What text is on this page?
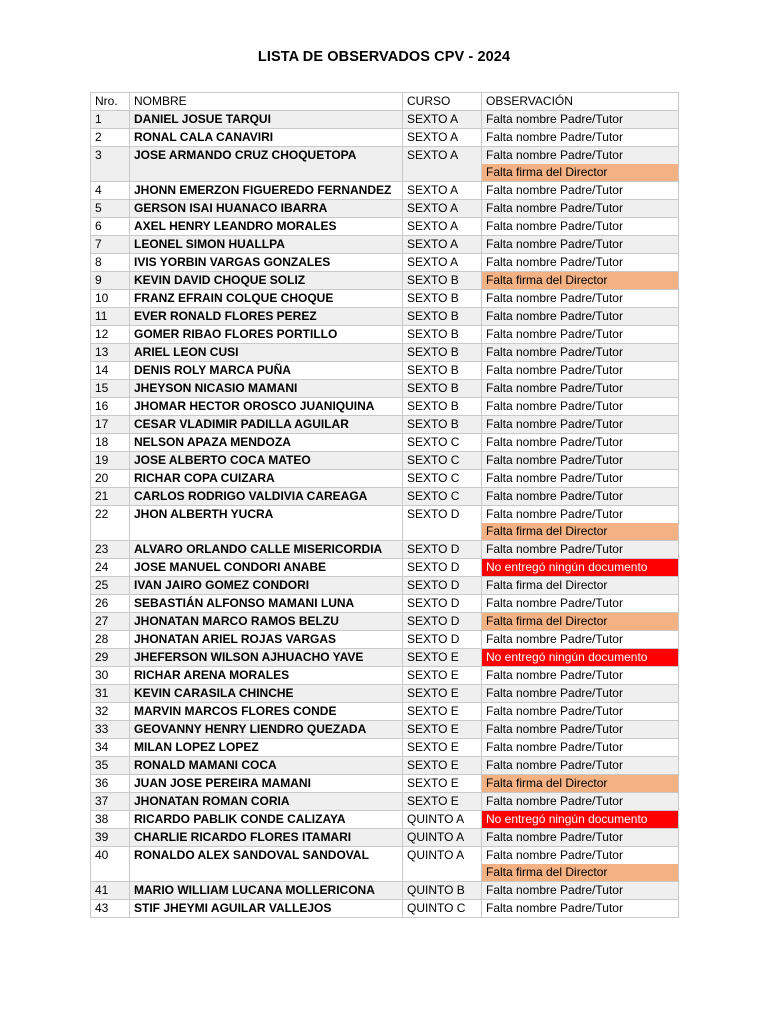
LISTA DE OBSERVADOS CPV - 2024
Nro.	NOMBRE	CURSO	OBSERVACIÓN
1	DANIEL JOSUE TARQUI	SEXTO A	Falta nombre Padre/Tutor

2	RONAL CALA CANAVIRI	SEXTO A	Falta nombre Padre/Tutor

3	JOSE ARMANDO CRUZ CHOQUETOPA	SEXTO A	Falta nombre Padre/Tutor
Falta firma del Director

4	JHONN EMERZON FIGUEREDO FERNANDEZ	SEXTO A	Falta nombre Padre/Tutor

5	GERSON ISAI HUANACO IBARRA	SEXTO A	Falta nombre Padre/Tutor

6	AXEL HENRY LEANDRO MORALES	SEXTO A	Falta nombre Padre/Tutor

7	LEONEL SIMON HUALLPA	SEXTO A	Falta nombre Padre/Tutor

8	IVIS YORBIN VARGAS GONZALES	SEXTO A	Falta nombre Padre/Tutor

9	KEVIN DAVID CHOQUE SOLIZ	SEXTO B	Falta firma del Director

10	FRANZ EFRAIN COLQUE CHOQUE	SEXTO B	Falta nombre Padre/Tutor

11	EVER RONALD FLORES PEREZ	SEXTO B	Falta nombre Padre/Tutor

12	GOMER RIBAO FLORES PORTILLO	SEXTO B	Falta nombre Padre/Tutor

13	ARIEL LEON CUSI	SEXTO B	Falta nombre Padre/Tutor

14	DENIS ROLY MARCA PUÑA	SEXTO B	Falta nombre Padre/Tutor

15	JHEYSON NICASIO MAMANI	SEXTO B	Falta nombre Padre/Tutor

16	JHOMAR HECTOR OROSCO JUANIQUINA	SEXTO B	Falta nombre Padre/Tutor

17	CESAR VLADIMIR PADILLA AGUILAR	SEXTO B	Falta nombre Padre/Tutor

18	NELSON APAZA MENDOZA	SEXTO C	Falta nombre Padre/Tutor

19	JOSE ALBERTO COCA MATEO	SEXTO C	Falta nombre Padre/Tutor

20	RICHAR COPA CUIZARA	SEXTO C	Falta nombre Padre/Tutor

21	CARLOS RODRIGO VALDIVIA CAREAGA	SEXTO C	Falta nombre Padre/Tutor

22	JHON ALBERTH YUCRA	SEXTO D	Falta nombre Padre/Tutor
Falta firma del Director

23	ALVARO ORLANDO CALLE MISERICORDIA	SEXTO D	Falta nombre Padre/Tutor

24	JOSE MANUEL CONDORI ANABE	SEXTO D	No entregó ningún documento

25	IVAN JAIRO GOMEZ CONDORI	SEXTO D	Falta firma del Director

26	SEBASTIÁN ALFONSO MAMANI LUNA	SEXTO D	Falta nombre Padre/Tutor

27	JHONATAN MARCO RAMOS BELZU	SEXTO D	Falta firma del Director

28	JHONATAN ARIEL ROJAS VARGAS	SEXTO D	Falta nombre Padre/Tutor

29	JHEFERSON WILSON AJHUACHO YAVE	SEXTO E	No entregó ningún documento

30	RICHAR ARENA MORALES	SEXTO E	Falta nombre Padre/Tutor

31	KEVIN CARASILA CHINCHE	SEXTO E	Falta nombre Padre/Tutor

32	MARVIN MARCOS FLORES CONDE	SEXTO E	Falta nombre Padre/Tutor

33	GEOVANNY HENRY LIENDRO QUEZADA	SEXTO E	Falta nombre Padre/Tutor

34	MILAN LOPEZ LOPEZ	SEXTO E	Falta nombre Padre/Tutor

35	RONALD MAMANI COCA	SEXTO E	Falta nombre Padre/Tutor

36	JUAN JOSE PEREIRA MAMANI	SEXTO E	Falta firma del Director

37	JHONATAN ROMAN CORIA	SEXTO E	Falta nombre Padre/Tutor

38	RICARDO PABLIK CONDE CALIZAYA	QUINTO A	No entregó ningún documento

39	CHARLIE RICARDO FLORES ITAMARI	QUINTO A	Falta nombre Padre/Tutor

40	RONALDO ALEX SANDOVAL SANDOVAL	QUINTO A	Falta nombre Padre/Tutor
Falta firma del Director

41	MARIO WILLIAM LUCANA MOLLERICONA	QUINTO B	Falta nombre Padre/Tutor

43	STIF JHEYMI AGUILAR VALLEJOS	QUINTO C	Falta nombre Padre/Tutor
